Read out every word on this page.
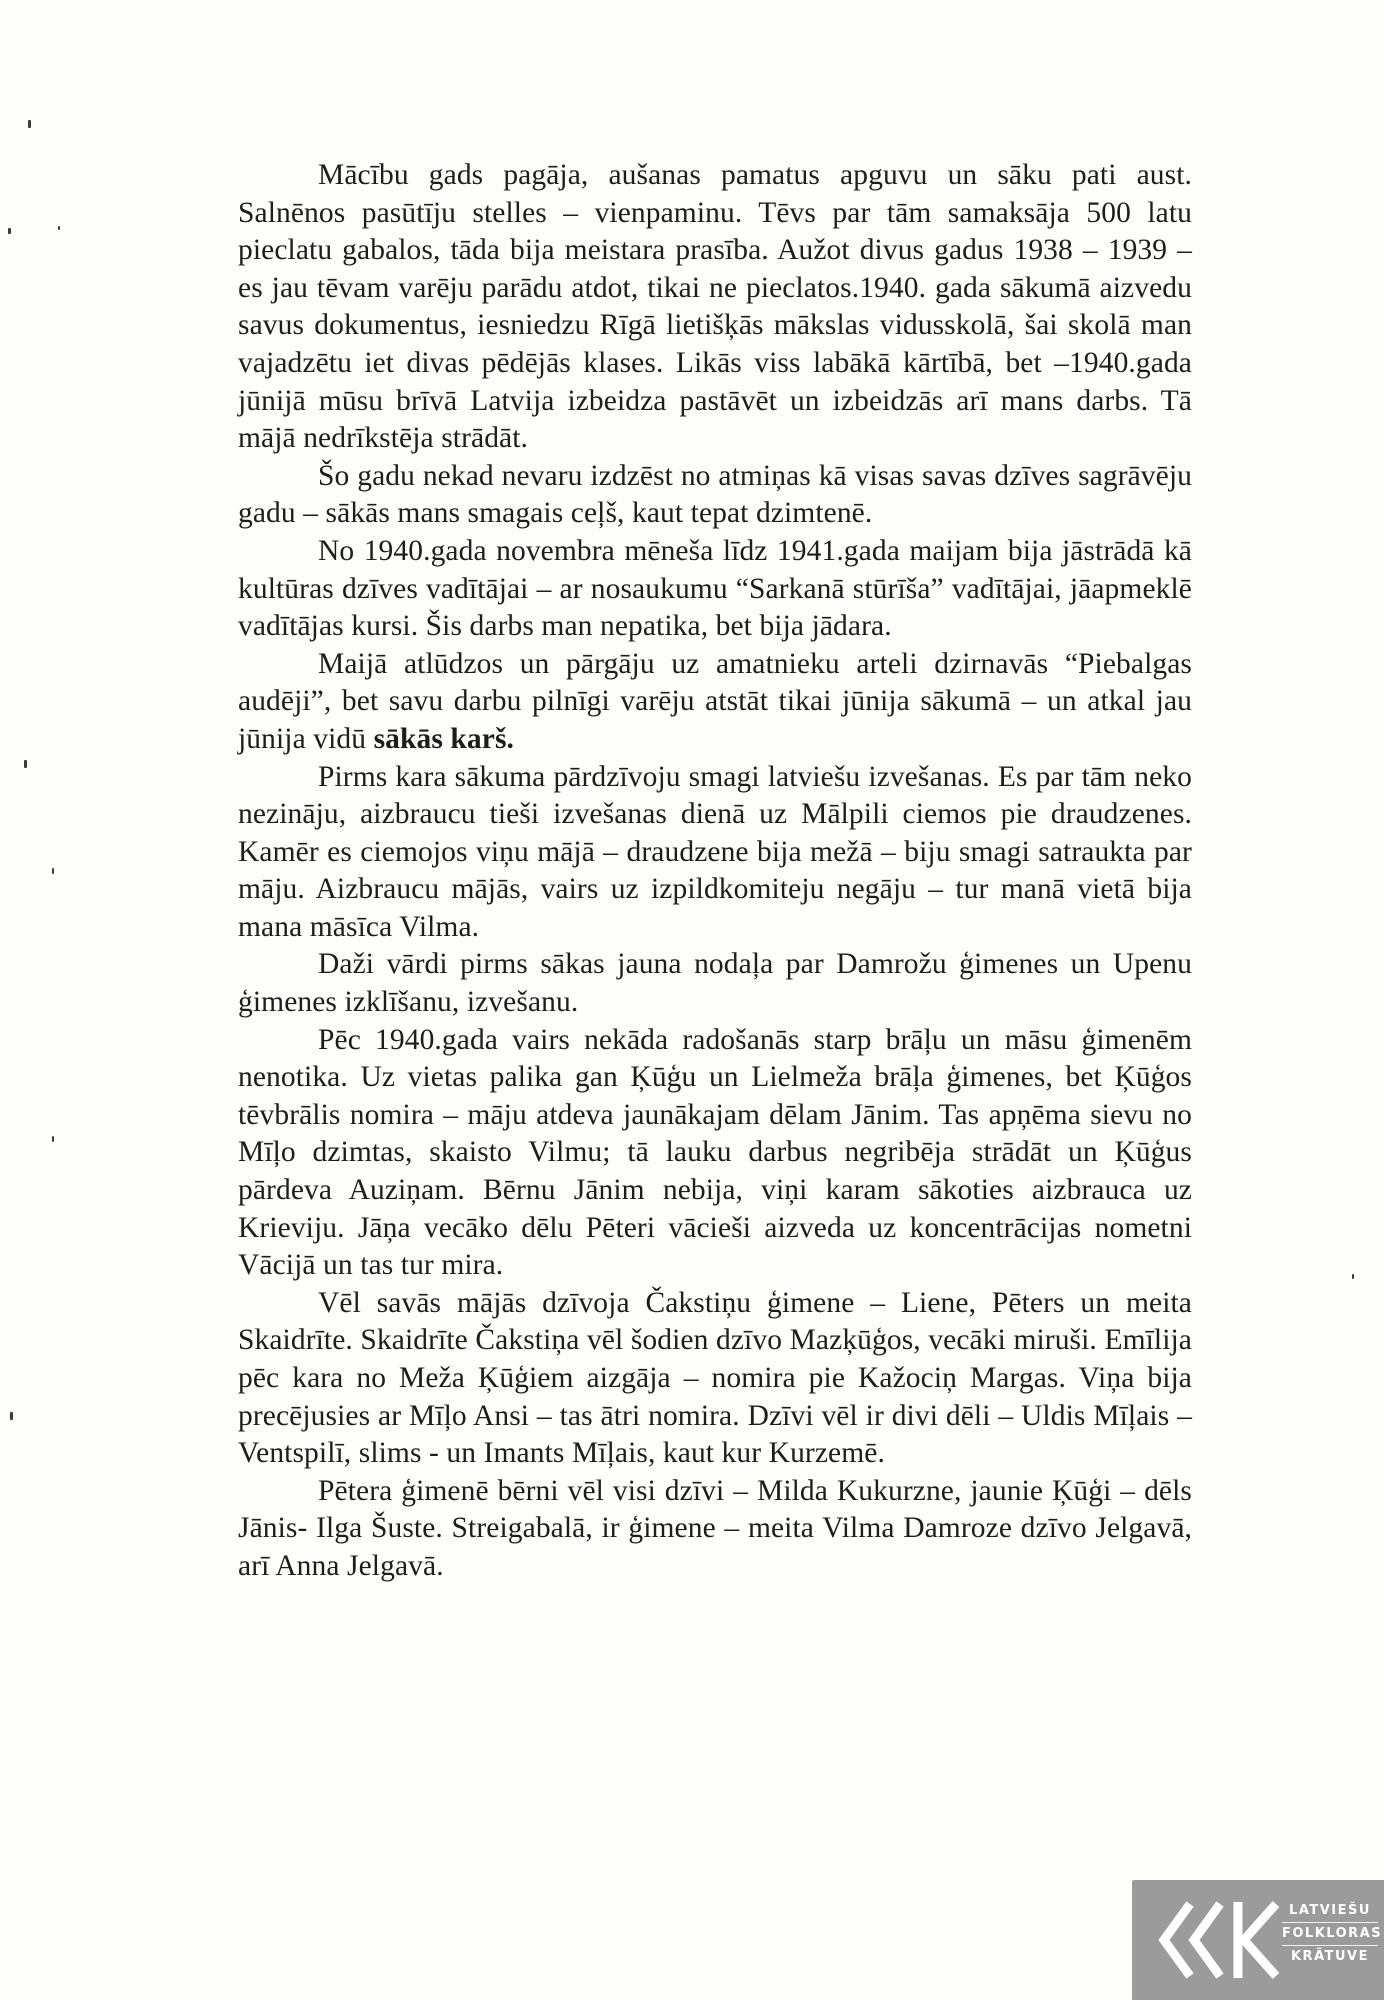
Mācību gads pagāja, aušanas pamatus apguvu un sāku pati aust. Salnēnos pasūtīju stelles – vienpaminu. Tēvs par tām samaksāja 500 latu pieclatu gabalos, tāda bija meistara prasība. Aužot divus gadus 1938 – 1939 – es jau tēvam varēju parādu atdot, tikai ne pieclatos.1940. gada sākumā aizvedu savus dokumentus, iesniedzu Rīgā lietišķās mākslas vidusskolā, šai skolā man vajadzētu iet divas pēdējās klases. Likās viss labākā kārtībā, bet –1940.gada jūnijā mūsu brīvā Latvija izbeidza pastāvēt un izbeidzās arī mans darbs. Tā mājā nedrīkstēja strādāt.

Šo gadu nekad nevaru izdzēst no atmiņas kā visas savas dzīves sagrāvēju gadu – sākās mans smagais ceļš, kaut tepat dzimtenē.

No 1940.gada novembra mēneša līdz 1941.gada maijam bija jāstrādā kā kultūras dzīves vadītājai – ar nosaukumu “Sarkanā stūrīša” vadītājai, jāapmeklē vadītājas kursi. Šis darbs man nepatika, bet bija jādara.

Maijā atlūdzos un pārgāju uz amatnieku arteli dzirnavās “Piebalgas audēji”, bet savu darbu pilnīgi varēju atstāt tikai jūnija sākumā – un atkal jau jūnija vidū sākās karš.

Pirms kara sākuma pārdzīvoju smagi latviešu izvešanas. Es par tām neko nezināju, aizbraucu tieši izvešanas dienā uz Mālpili ciemos pie draudzenes. Kamēr es ciemojos viņu mājā – draudzene bija mežā – biju smagi satraukta par māju. Aizbraucu mājās, vairs uz izpildkomiteju negāju – tur manā vietā bija mana māsīca Vilma.

Daži vārdi pirms sākas jauna nodaļa par Damrožu ģimenes un Upenu ģimenes izklīšanu, izvešanu.

Pēc 1940.gada vairs nekāda radošanās starp brāļu un māsu ģimenēm nenotika. Uz vietas palika gan Ķūģu un Lielmeža brāļa ģimenes, bet Ķūģos tēvbrālis nomira – māju atdeva jaunākajam dēlam Jānim. Tas apņēma sievu no Mīļo dzimtas, skaisto Vilmu; tā lauku darbus negribēja strādāt un Ķūģus pārdeva Auziņam. Bērnu Jānim nebija, viņi karam sākoties aizbrauca uz Krieviju. Jāņa vecāko dēlu Pēteri vācieši aizveda uz koncentrācijas nometni Vācijā un tas tur mira.

Vēl savās mājās dzīvoja Čakstiņu ģimene – Liene, Pēters un meita Skaidrīte. Skaidrīte Čakstiņa vēl šodien dzīvo Mazķūģos, vecāki miruši. Emīlija pēc kara no Meža Ķūģiem aizgāja – nomira pie Kažociņ Margas. Viņa bija precējusies ar Mīļo Ansi – tas ātri nomira. Dzīvi vēl ir divi dēli – Uldis Mīļais – Ventspilī, slims - un Imants Mīļais, kaut kur Kurzemē.

Pētera ģimenē bērni vēl visi dzīvi – Milda Kukurzne, jaunie Ķūģi – dēls Jānis- Ilga Šuste. Streigabalā, ir ģimene – meita Vilma Damroze dzīvo Jelgavā, arī Anna Jelgavā.

LATVIEŠU
FOLKLORAS
KRĀTUVE
